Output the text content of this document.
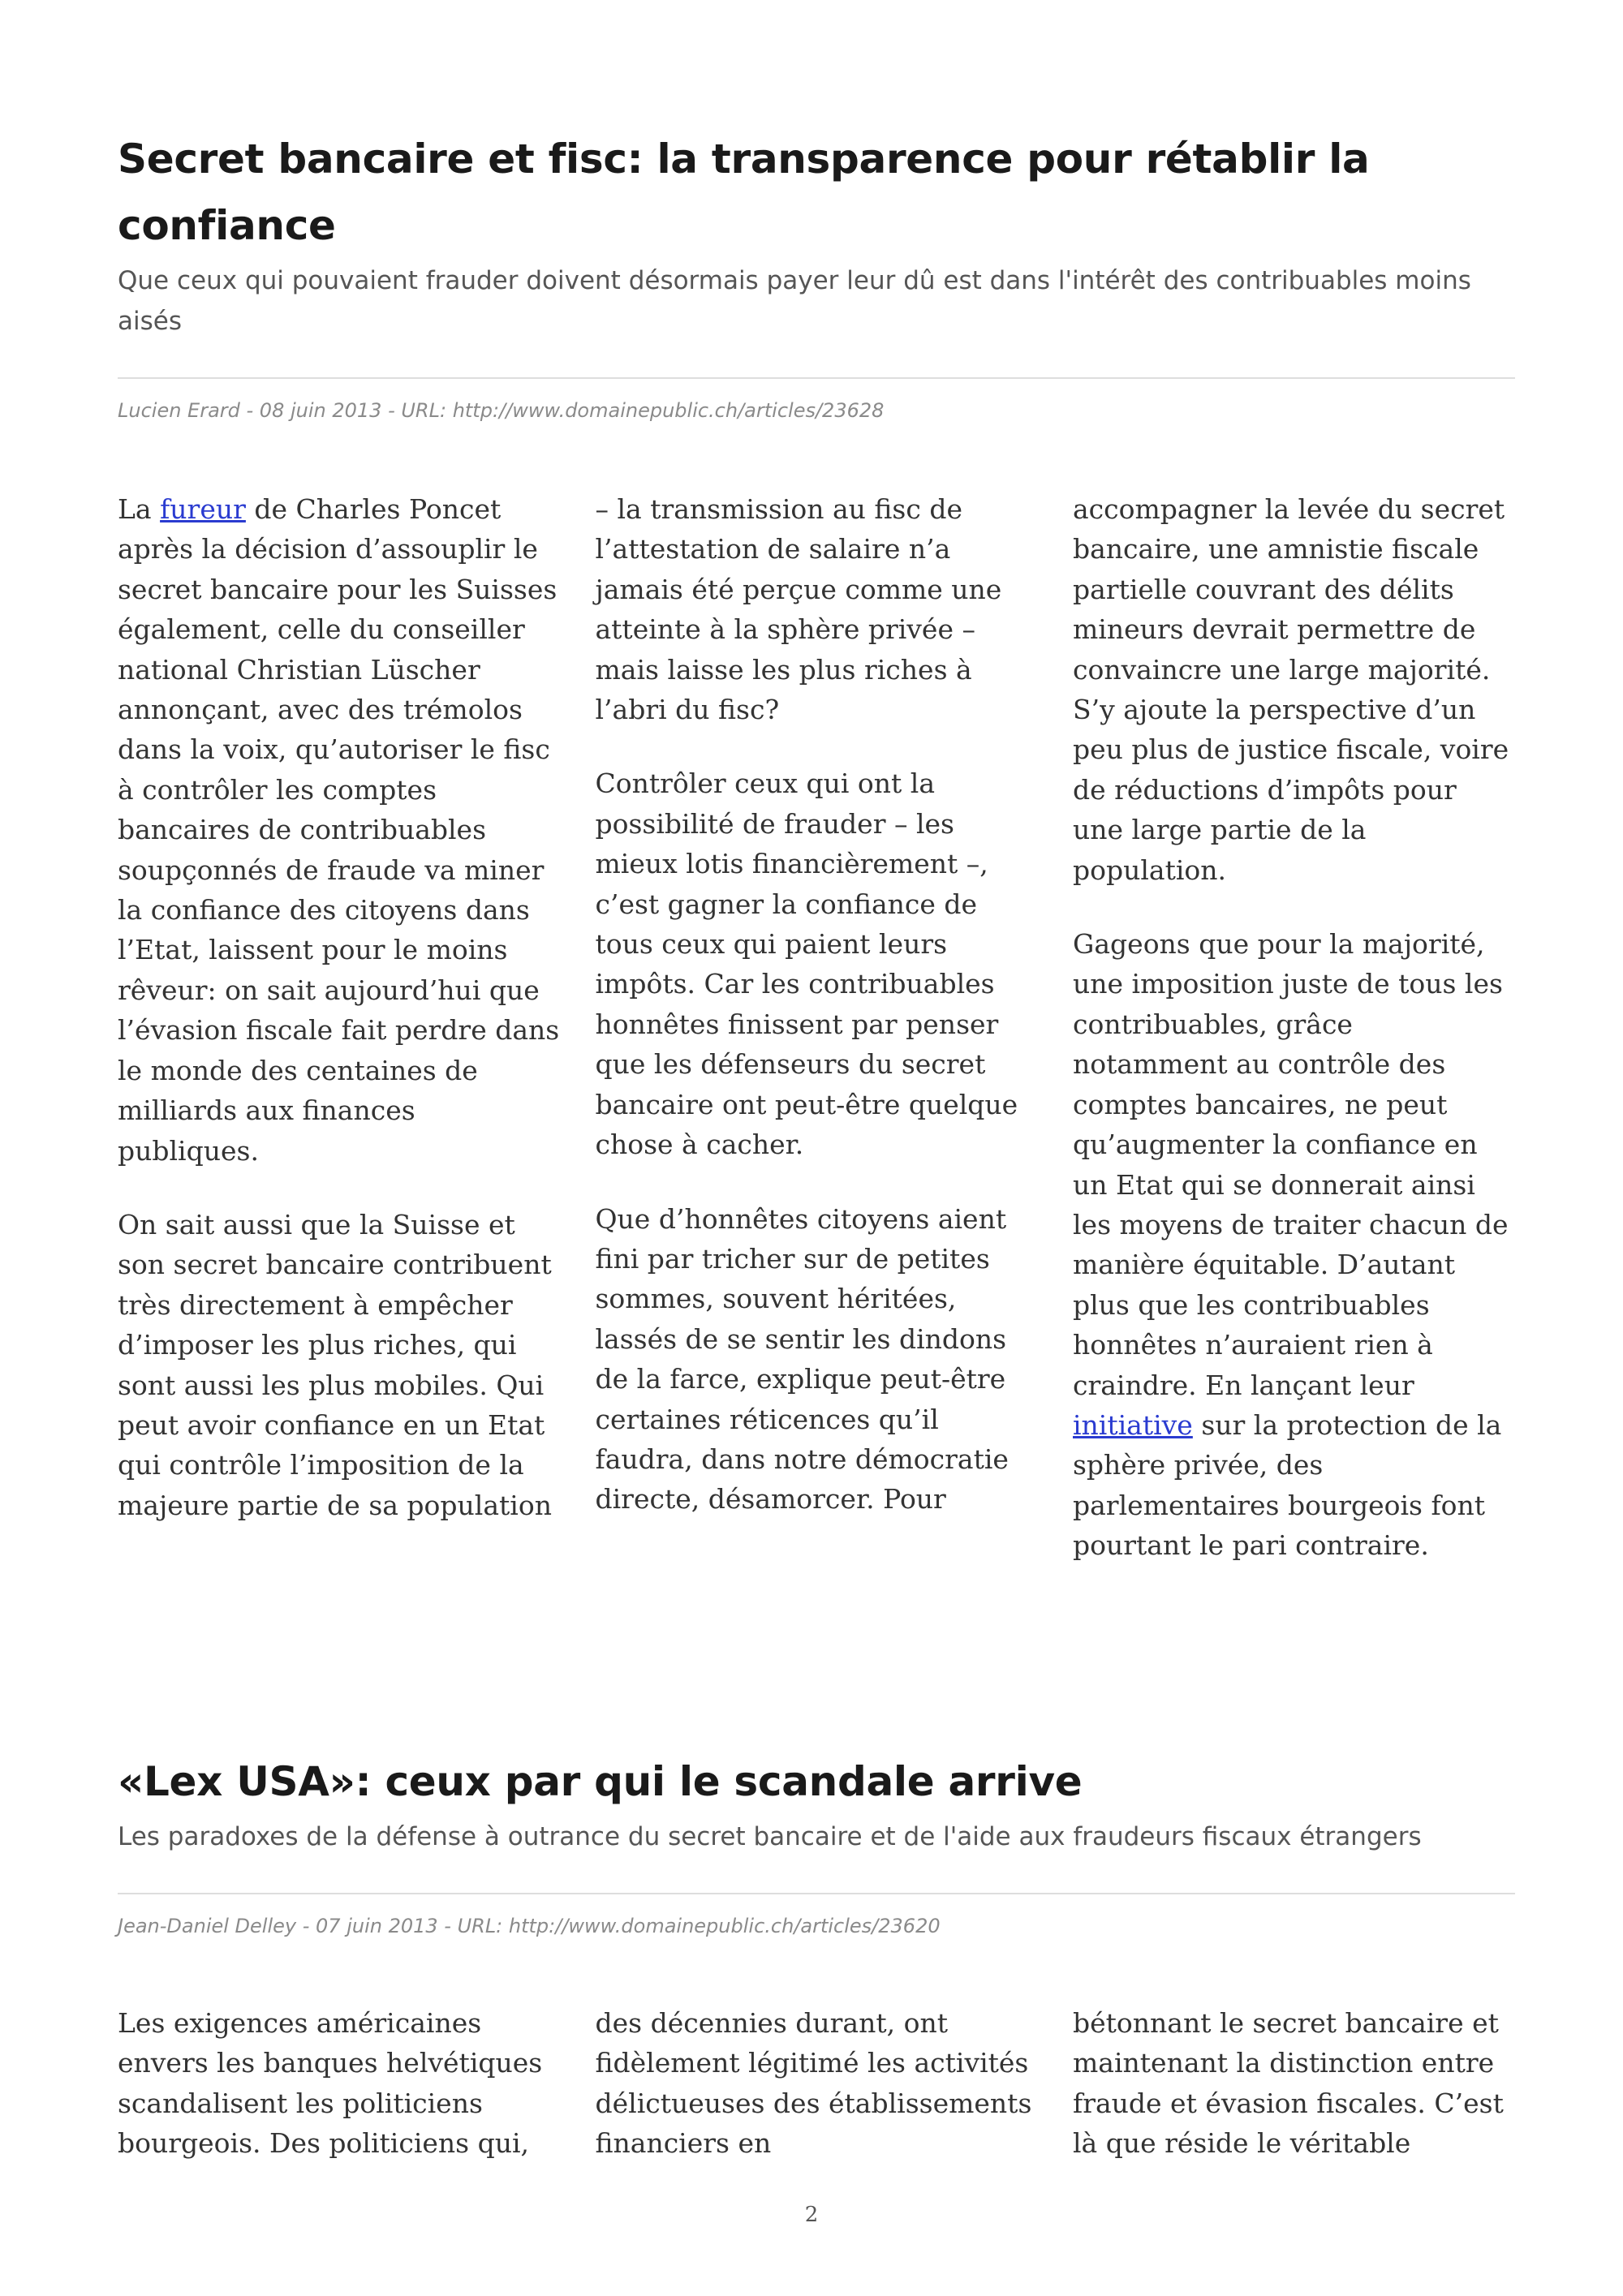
Secret bancaire et fisc: la transparence pour rétablir la confiance

Que ceux qui pouvaient frauder doivent désormais payer leur dû est dans l'intérêt des contribuables moins aisés

Lucien Erard - 08 juin 2013 - URL: http://www.domainepublic.ch/articles/23628

La fureur de Charles Poncet après la décision d’assouplir le secret bancaire pour les Suisses également, celle du conseiller national Christian Lüscher annonçant, avec des trémolos dans la voix, qu’autoriser le fisc à contrôler les comptes bancaires de contribuables soupçonnés de fraude va miner la confiance des citoyens dans l’Etat, laissent pour le moins rêveur: on sait aujourd’hui que l’évasion fiscale fait perdre dans le monde des centaines de milliards aux finances publiques.

On sait aussi que la Suisse et son secret bancaire contribuent très directement à empêcher d’imposer les plus riches, qui sont aussi les plus mobiles. Qui peut avoir confiance en un Etat qui contrôle l’imposition de la majeure partie de sa population

– la transmission au fisc de l’attestation de salaire n’a jamais été perçue comme une atteinte à la sphère privée – mais laisse les plus riches à l’abri du fisc?

Contrôler ceux qui ont la possibilité de frauder – les mieux lotis financièrement –, c’est gagner la confiance de tous ceux qui paient leurs impôts. Car les contribuables honnêtes finissent par penser que les défenseurs du secret bancaire ont peut-être quelque chose à cacher.

Que d’honnêtes citoyens aient fini par tricher sur de petites sommes, souvent héritées, lassés de se sentir les dindons de la farce, explique peut-être certaines réticences qu’il faudra, dans notre démocratie directe, désamorcer. Pour

accompagner la levée du secret bancaire, une amnistie fiscale partielle couvrant des délits mineurs devrait permettre de convaincre une large majorité. S’y ajoute la perspective d’un peu plus de justice fiscale, voire de réductions d’impôts pour une large partie de la population.

Gageons que pour la majorité, une imposition juste de tous les contribuables, grâce notamment au contrôle des comptes bancaires, ne peut qu’augmenter la confiance en un Etat qui se donnerait ainsi les moyens de traiter chacun de manière équitable. D’autant plus que les contribuables honnêtes n’auraient rien à craindre. En lançant leur initiative sur la protection de la sphère privée, des parlementaires bourgeois font pourtant le pari contraire.

«Lex USA»: ceux par qui le scandale arrive

Les paradoxes de la défense à outrance du secret bancaire et de l'aide aux fraudeurs fiscaux étrangers

Jean-Daniel Delley - 07 juin 2013 - URL: http://www.domainepublic.ch/articles/23620

Les exigences américaines envers les banques helvétiques scandalisent les politiciens bourgeois. Des politiciens qui,

des décennies durant, ont fidèlement légitimé les activités délictueuses des établissements financiers en

bétonnant le secret bancaire et maintenant la distinction entre fraude et évasion fiscales. C’est là que réside le véritable

2
